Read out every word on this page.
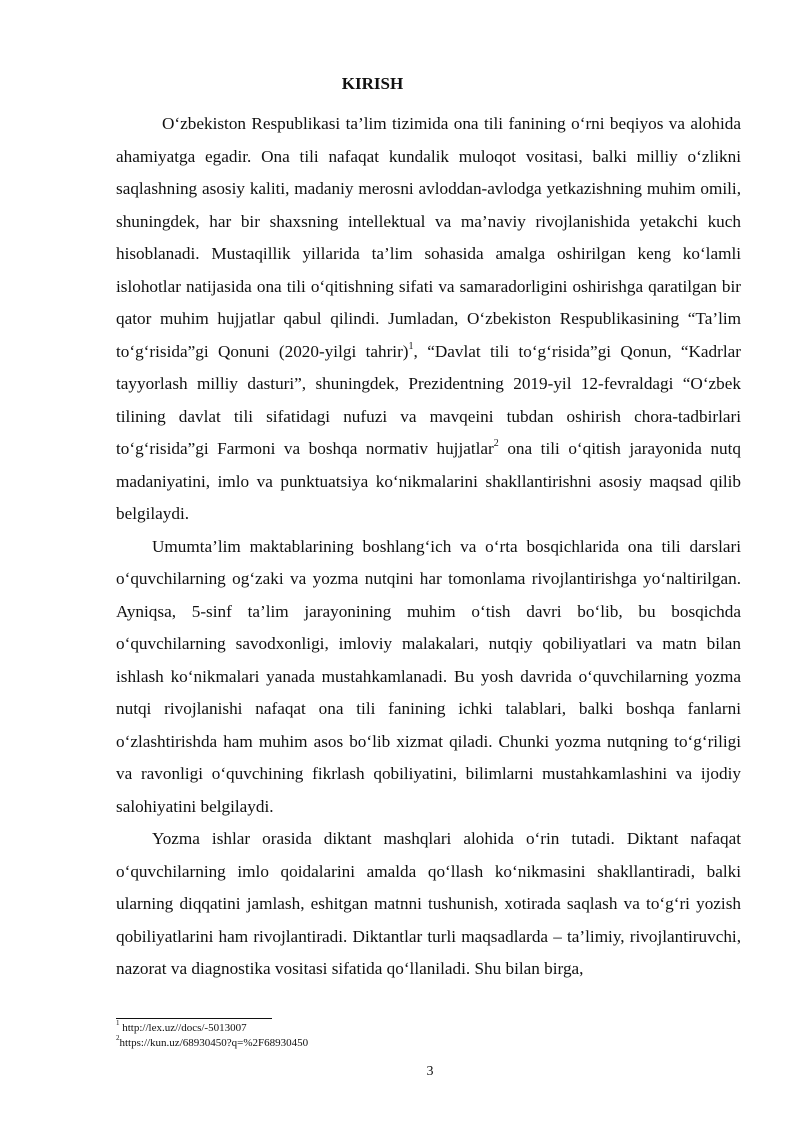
KIRISH

O‘zbekiston Respublikasi ta’lim tizimida ona tili fanining o‘rni beqiyos va alohida ahamiyatga egadir. Ona tili nafaqat kundalik muloqot vositasi, balki milliy o‘zlikni saqlashning asosiy kaliti, madaniy merosni avloddan-avlodga yetkazishning muhim omili, shuningdek, har bir shaxsning intellektual va ma’naviy rivojlanishida yetakchi kuch hisoblanadi. Mustaqillik yillarida ta’lim sohasida amalga oshirilgan keng ko‘lamli islohotlar natijasida ona tili o‘qitishning sifati va samaradorligini oshirishga qaratilgan bir qator muhim hujjatlar qabul qilindi. Jumladan, O‘zbekiston Respublikasining “Ta’lim to‘g‘risida”gi Qonuni (2020-yilgi tahrir)$^1$, “Davlat tili to‘g‘risida”gi Qonun, “Kadrlar tayyorlash milliy dasturi”, shuningdek, Prezidentning 2019-yil 12-fevraldagi “O‘zbek tilining davlat tili sifatidagi nufuzi va mavqeini tubdan oshirish chora-tadbirlari to‘g‘risida”gi Farmoni va boshqa normativ hujjatlar$^2$ ona tili o‘qitish jarayonida nutq madaniyatini, imlo va punktuatsiya ko‘nikmalarini shakllantirishni asosiy maqsad qilib belgilaydi.

Umumta’lim maktablarining boshlang‘ich va o‘rta bosqichlarida ona tili darslari o‘quvchilarning og‘zaki va yozma nutqini har tomonlama rivojlantirishga yo‘naltirilgan. Ayniqsa, 5-sinf ta’lim jarayonining muhim o‘tish davri bo‘lib, bu bosqichda o‘quvchilarning savodxonligi, imloviy malakalari, nutqiy qobiliyatlari va matn bilan ishlash ko‘nikmalari yanada mustahkamlanadi. Bu yosh davrida o‘quvchilarning yozma nutqi rivojlanishi nafaqat ona tili fanining ichki talablari, balki boshqa fanlarni o‘zlashtirishda ham muhim asos bo‘lib xizmat qiladi. Chunki yozma nutqning to‘g‘riligi va ravonligi o‘quvchining fikrlash qobiliyatini, bilimlarni mustahkamlashini va ijodiy salohiyatini belgilaydi.

Yozma ishlar orasida diktant mashqlari alohida o‘rin tutadi. Diktant nafaqat o‘quvchilarning imlo qoidalarini amalda qo‘llash ko‘nikmasini shakllantiradi, balki ularning diqqatini jamlash, eshitgan matnni tushunish, xotirada saqlash va to‘g‘ri yozish qobiliyatlarini ham rivojlantiradi. Diktantlar turli maqsadlarda – ta’limiy, rivojlantiruvchi, nazorat va diagnostika vositasi sifatida qo‘llaniladi. Shu bilan birga,

$^1$ http://lex.uz//docs/-5013007
$^2$https://kun.uz/68930450?q=%2F68930450
3
